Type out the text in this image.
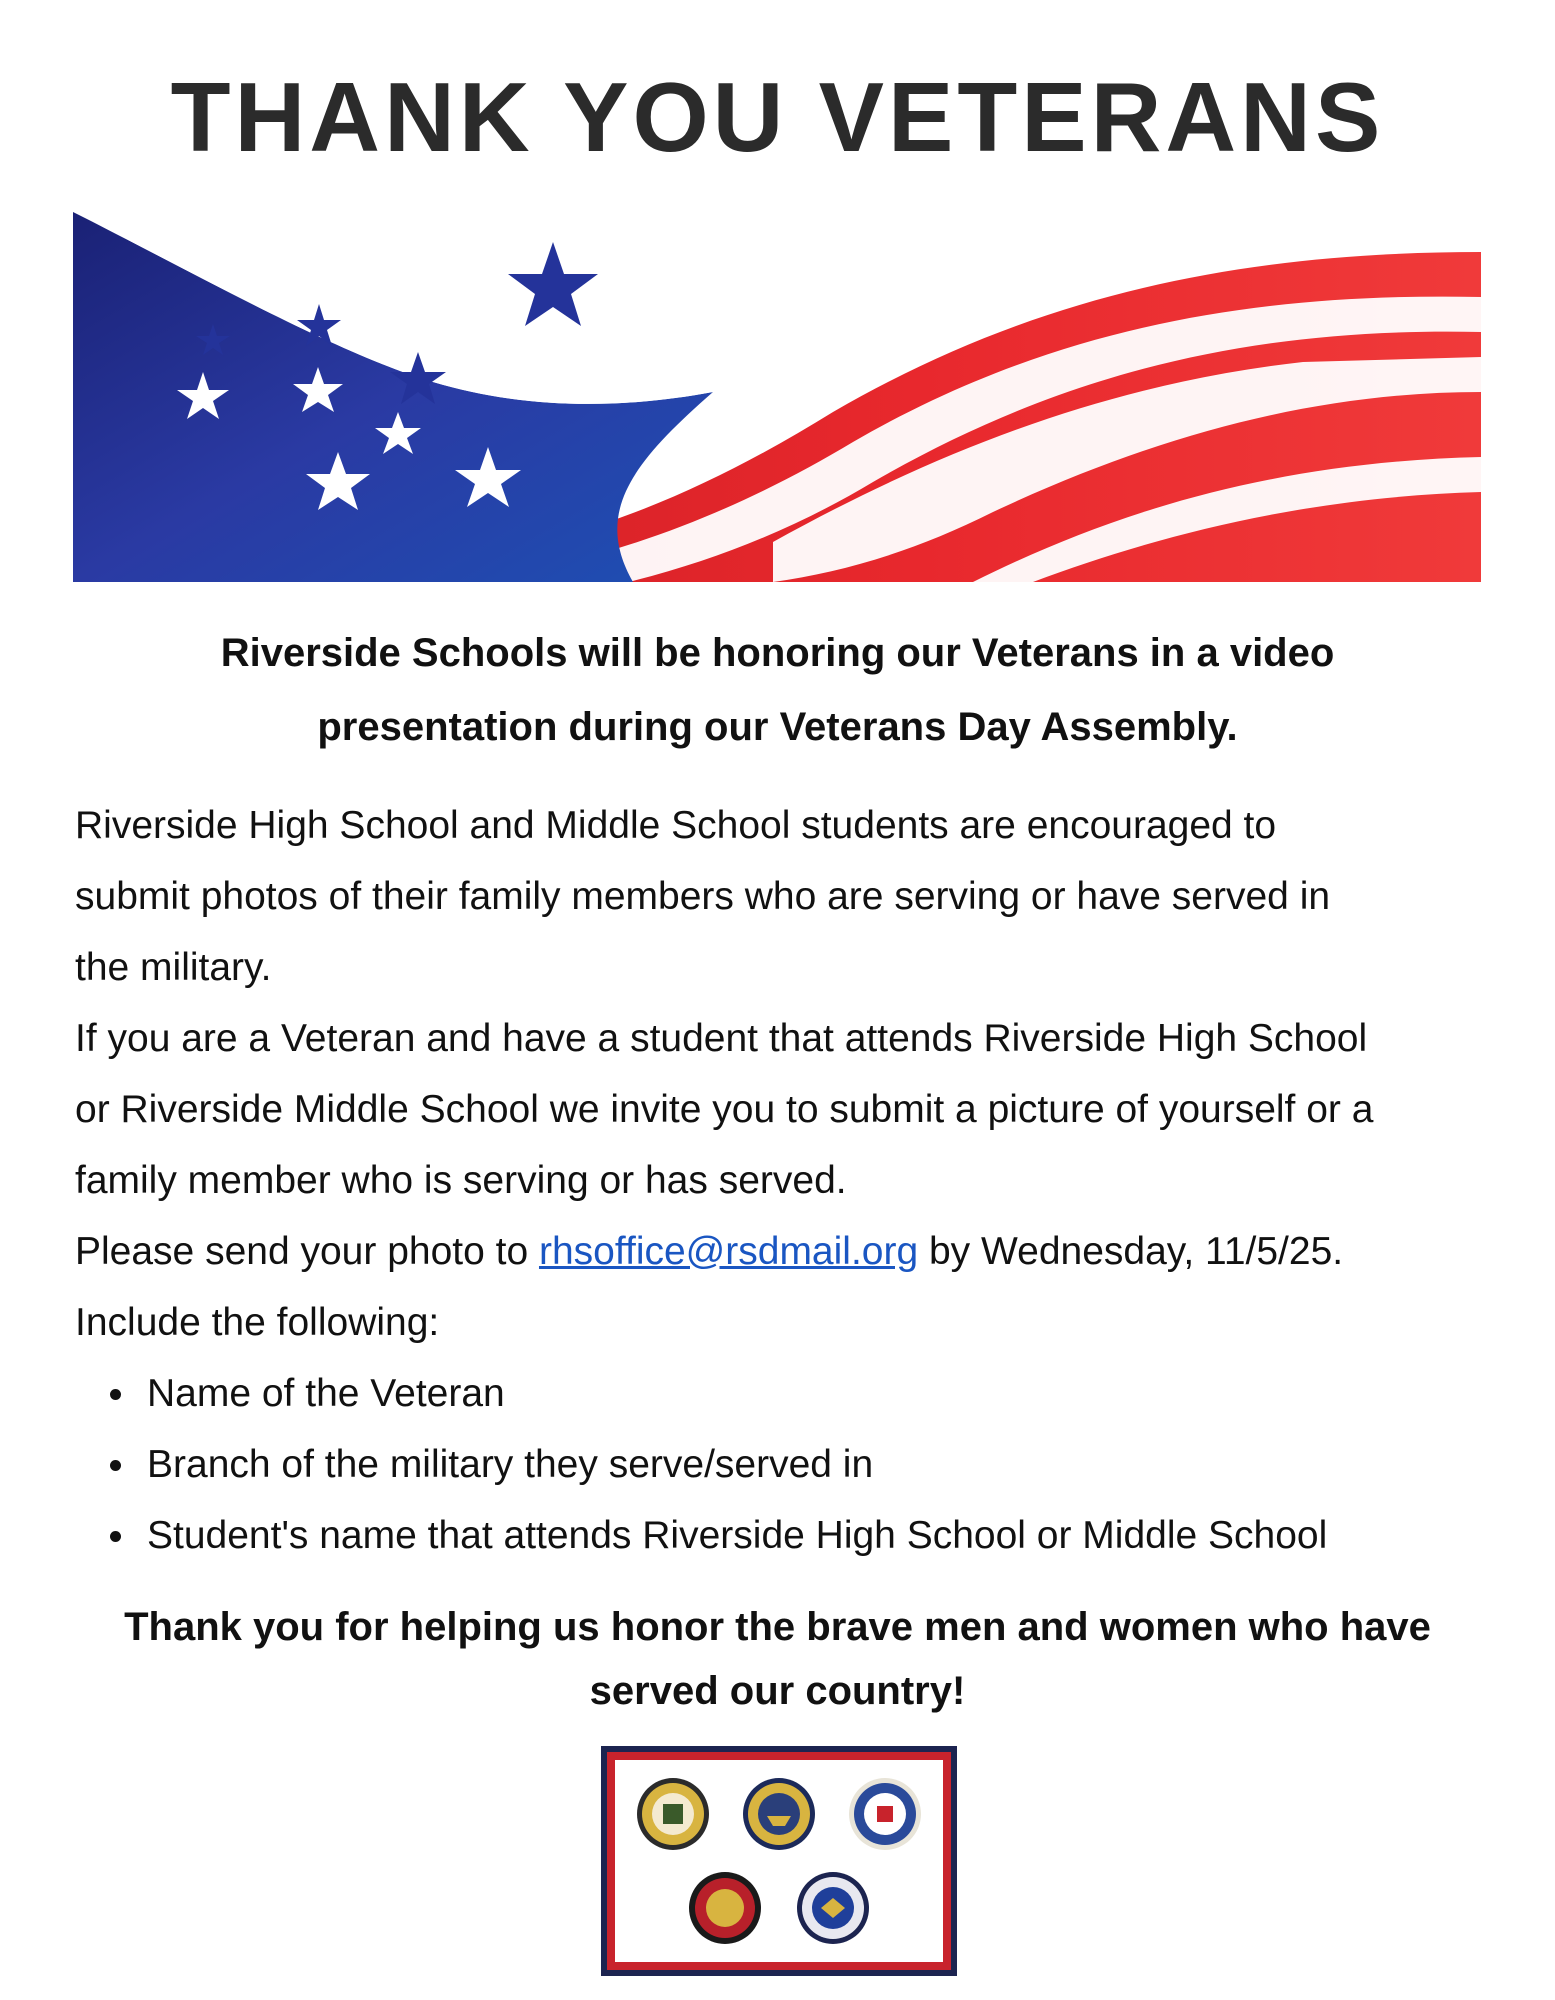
THANK YOU VETERANS
Riverside Schools will be honoring our Veterans in a video
presentation during our Veterans Day Assembly.

Riverside High School and Middle School students are encouraged to

submit photos of their family members who are serving or have served in

the military.

If you are a Veteran and have a student that attends Riverside High School

or Riverside Middle School we invite you to submit a picture of yourself or a

family member who is serving or has served.

Please send your photo to rhsoffice@rsdmail.org by Wednesday, 11/5/25.

Include the following:

Name of the Veteran
Branch of the military they serve/served in
Student's name that attends Riverside High School or Middle School
Thank you for helping us honor the brave men and women who have
served our country!
